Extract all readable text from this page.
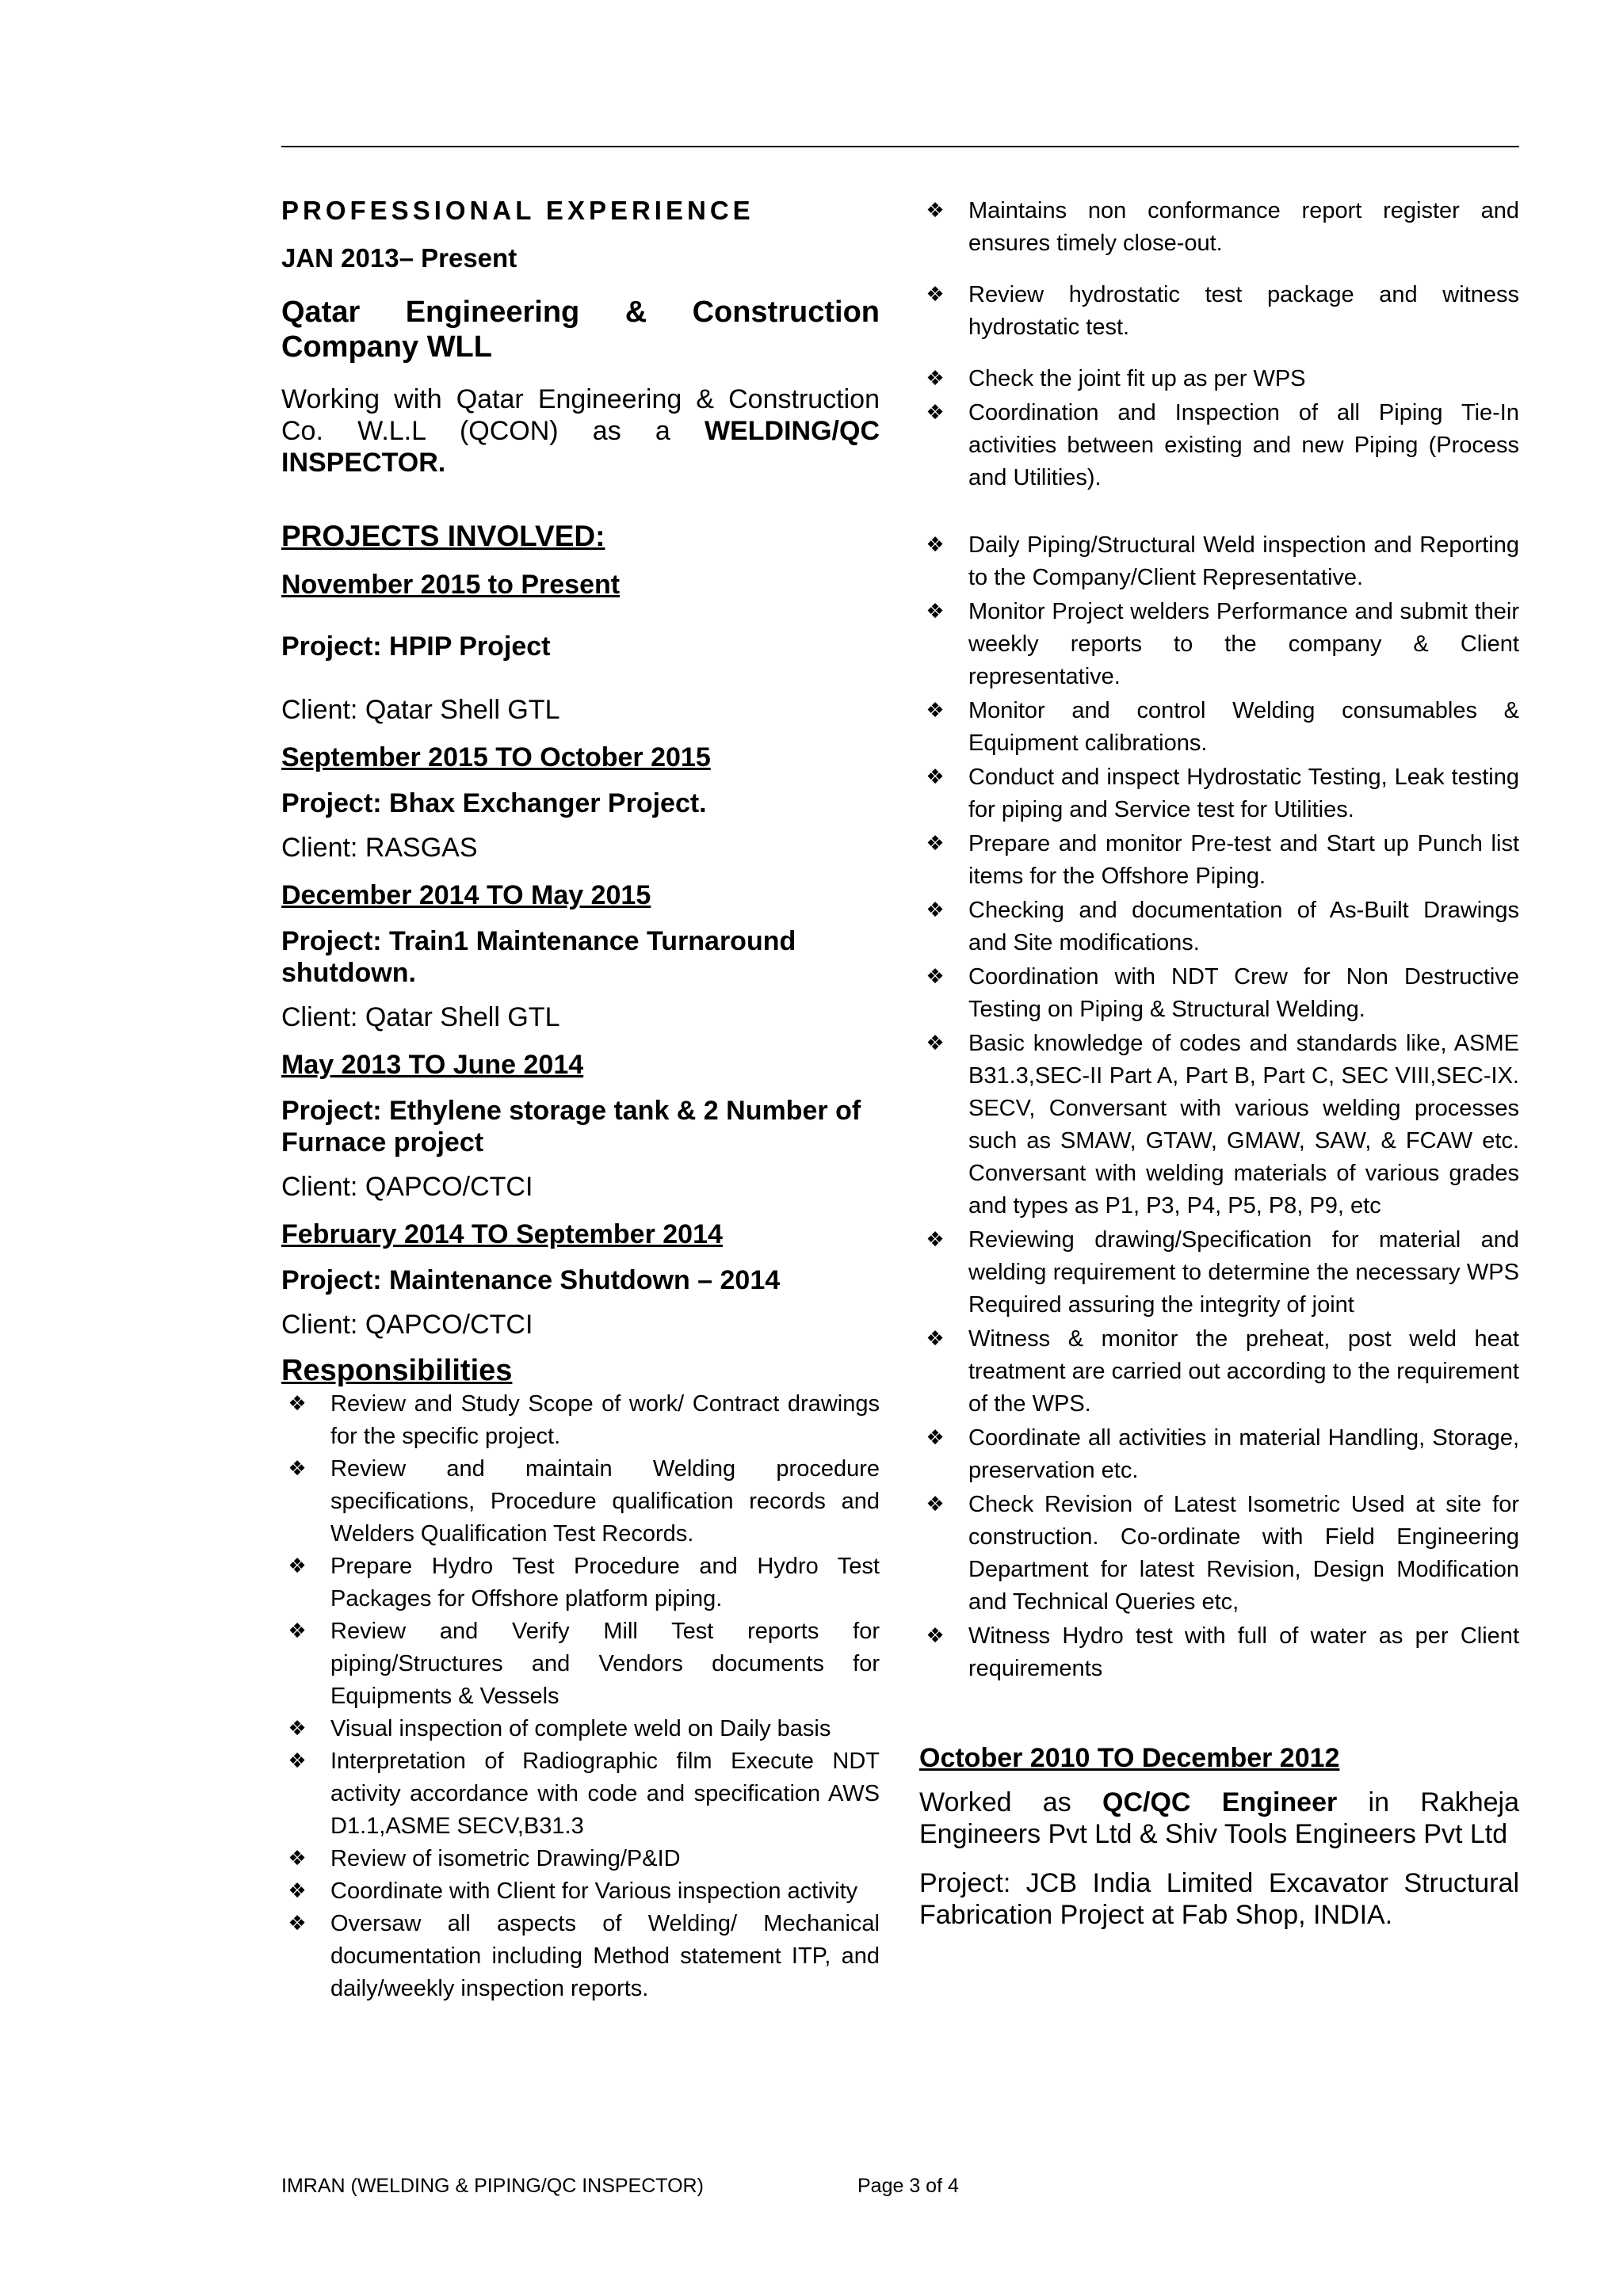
PROFESSIONAL EXPERIENCE

JAN 2013– Present

Qatar Engineering & Construction Company WLL

Working with Qatar Engineering & Construction Co. W.L.L (QCON) as a WELDING/QC INSPECTOR.

PROJECTS INVOLVED:

November 2015 to Present

Project: HPIP Project

Client: Qatar Shell GTL

September 2015 TO October 2015

Project: Bhax Exchanger Project.

Client: RASGAS

December 2014 TO May 2015

Project: Train1 Maintenance Turnaround shutdown.

Client: Qatar Shell GTL

May 2013 TO June 2014

Project: Ethylene storage tank & 2 Number of Furnace project

Client: QAPCO/CTCI

February 2014 TO September 2014

Project: Maintenance Shutdown – 2014

Client: QAPCO/CTCI

Responsibilities

❖ Review and Study Scope of work/ Contract drawings for the specific project.
❖ Review and maintain Welding procedure specifications, Procedure qualification records and Welders Qualification Test Records.
❖ Prepare Hydro Test Procedure and Hydro Test Packages for Offshore platform piping.
❖ Review and Verify Mill Test reports for piping/Structures and Vendors documents for Equipments & Vessels
❖ Visual inspection of complete weld on Daily basis
❖ Interpretation of Radiographic film Execute NDT activity accordance with code and specification AWS D1.1,ASME SECV,B31.3
❖ Review of isometric Drawing/P&ID
❖ Coordinate with Client for Various inspection activity
❖ Oversaw all aspects of Welding/ Mechanical documentation including Method statement ITP, and daily/weekly inspection reports.
❖ Maintains non conformance report register and ensures timely close-out.
❖ Review hydrostatic test package and witness hydrostatic test.
❖ Check the joint fit up as per WPS
❖ Coordination and Inspection of all Piping Tie-In activities between existing and new Piping (Process and Utilities).
❖ Daily Piping/Structural Weld inspection and Reporting to the Company/Client Representative.
❖ Monitor Project welders Performance and submit their weekly reports to the company & Client representative.
❖ Monitor and control Welding consumables & Equipment calibrations.
❖ Conduct and inspect Hydrostatic Testing, Leak testing for piping and Service test for Utilities.
❖ Prepare and monitor Pre-test and Start up Punch list items for the Offshore Piping.
❖ Checking and documentation of As-Built Drawings and Site modifications.
❖ Coordination with NDT Crew for Non Destructive Testing on Piping & Structural Welding.
❖ Basic knowledge of codes and standards like, ASME B31.3,SEC-II Part A, Part B, Part C, SEC VIII,SEC-IX. SECV, Conversant with various welding processes such as SMAW, GTAW, GMAW, SAW, & FCAW etc. Conversant with welding materials of various grades and types as P1, P3, P4, P5, P8, P9, etc
❖ Reviewing drawing/Specification for material and welding requirement to determine the necessary WPS Required assuring the integrity of joint
❖ Witness & monitor the preheat, post weld heat treatment are carried out according to the requirement of the WPS.
❖ Coordinate all activities in material Handling, Storage, preservation etc.
❖ Check Revision of Latest Isometric Used at site for construction. Co-ordinate with Field Engineering Department for latest Revision, Design Modification and Technical Queries etc,
❖ Witness Hydro test with full of water as per Client requirements

October 2010 TO December 2012

Worked as QC/QC Engineer in Rakheja Engineers Pvt Ltd & Shiv Tools Engineers Pvt Ltd

Project: JCB India Limited Excavator Structural Fabrication Project at Fab Shop, INDIA.

IMRAN (WELDING & PIPING/QC INSPECTOR)	Page 3 of 4
